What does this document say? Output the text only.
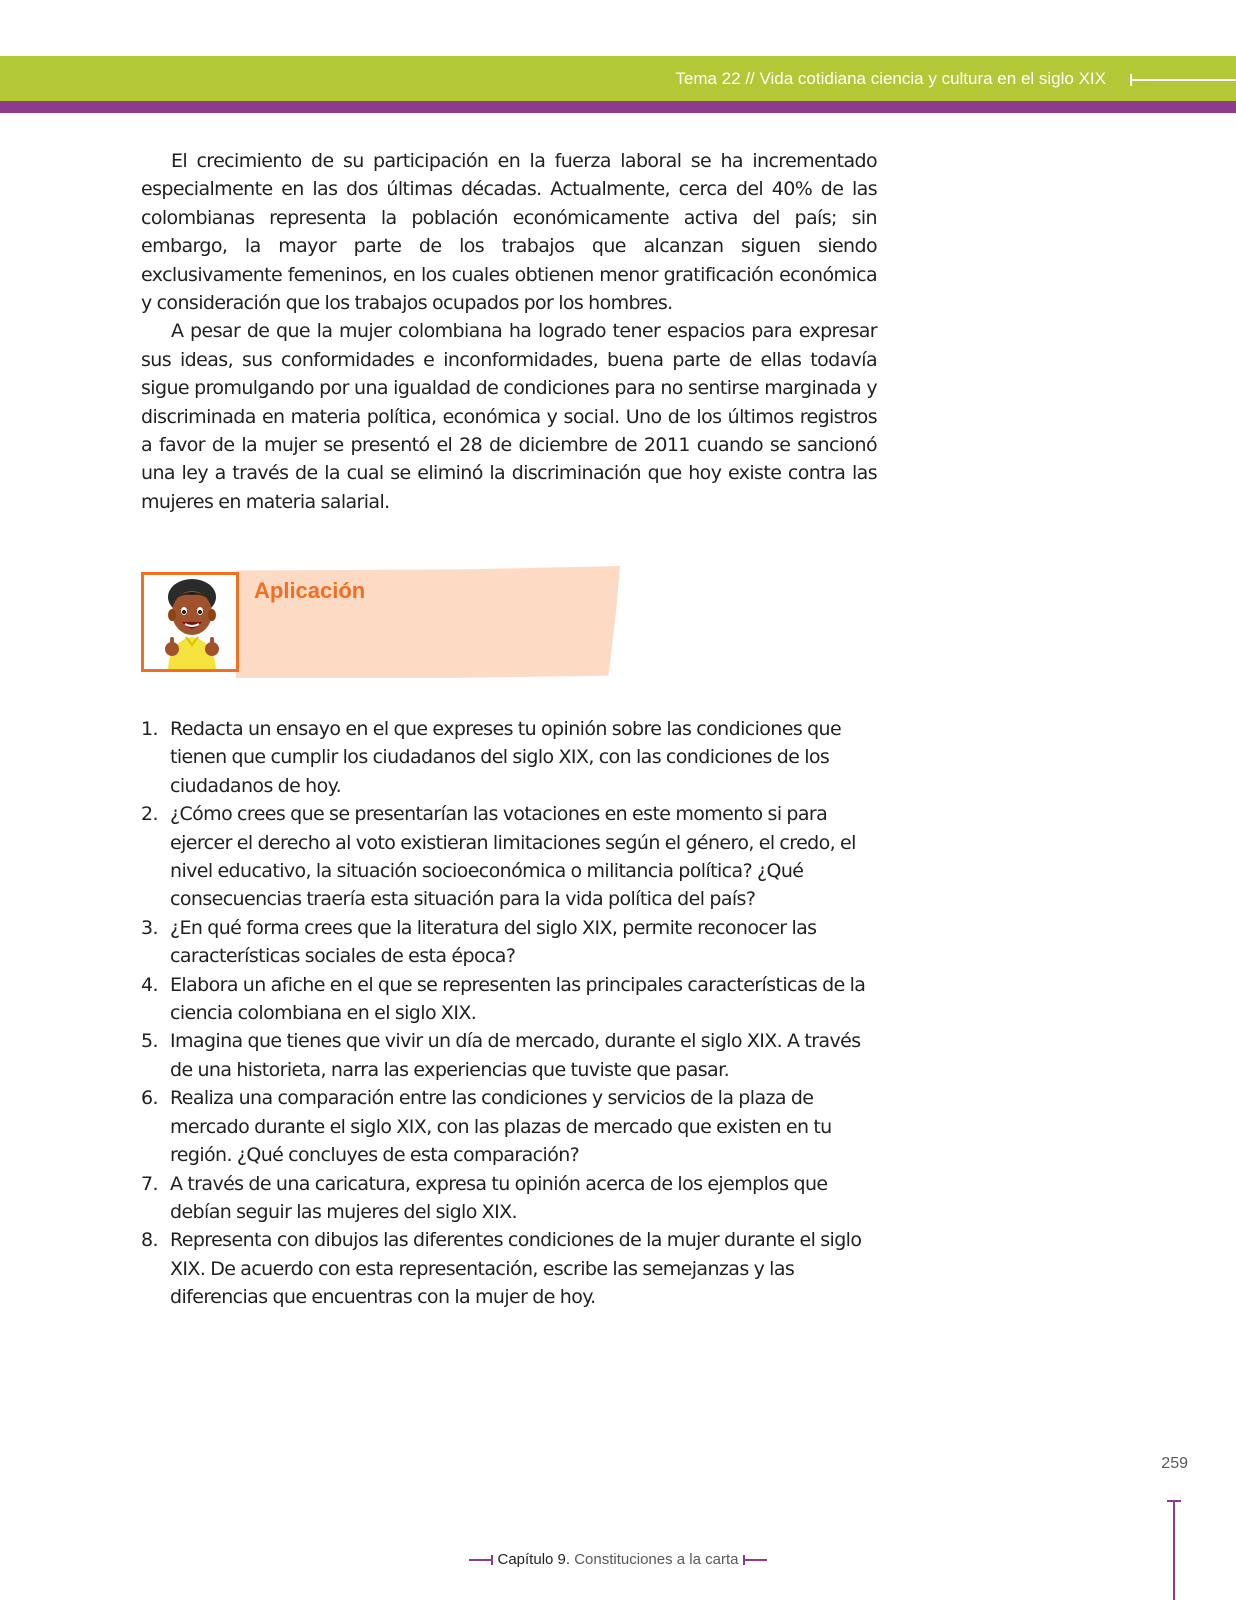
Tema 22 // Vida cotidiana ciencia y cultura en el siglo XIX

El crecimiento de su participación en la fuerza laboral se ha incrementado especialmente en las dos últimas décadas. Actualmente, cerca del 40% de las colombianas representa la población económicamente activa del país; sin embargo, la mayor parte de los trabajos que alcanzan siguen siendo exclusivamente femeninos, en los cuales obtienen menor gratificación económica y consideración que los trabajos ocupados por los hombres.

A pesar de que la mujer colombiana ha logrado tener espacios para expresar sus ideas, sus conformidades e inconformidades, buena parte de ellas todavía sigue promulgando por una igualdad de condiciones para no sentirse marginada y discriminada en materia política, económica y social. Uno de los últimos registros a favor de la mujer se presentó el 28 de diciembre de 2011 cuando se sancionó una ley a través de la cual se eliminó la discriminación que hoy existe contra las mujeres en materia salarial.

Aplicación
1. Redacta un ensayo en el que expreses tu opinión sobre las condiciones que tienen que cumplir los ciudadanos del siglo XIX, con las condiciones de los ciudadanos de hoy.
2. ¿Cómo crees que se presentarían las votaciones en este momento si para ejercer el derecho al voto existieran limitaciones según el género, el credo, el nivel educativo, la situación socioeconómica o militancia política? ¿Qué consecuencias traería esta situación para la vida política del país?
3. ¿En qué forma crees que la literatura del siglo XIX, permite reconocer las características sociales de esta época?
4. Elabora un afiche en el que se representen las principales características de la ciencia colombiana en el siglo XIX.
5. Imagina que tienes que vivir un día de mercado, durante el siglo XIX. A través de una historieta, narra las experiencias que tuviste que pasar.
6. Realiza una comparación entre las condiciones y servicios de la plaza de mercado durante el siglo XIX, con las plazas de mercado que existen en tu región. ¿Qué concluyes de esta comparación?
7. A través de una caricatura, expresa tu opinión acerca de los ejemplos que debían seguir las mujeres del siglo XIX.
8. Representa con dibujos las diferentes condiciones de la mujer durante el siglo XIX. De acuerdo con esta representación, escribe las semejanzas y las diferencias que encuentras con la mujer de hoy.
259
Capítulo 9. Constituciones a la carta
